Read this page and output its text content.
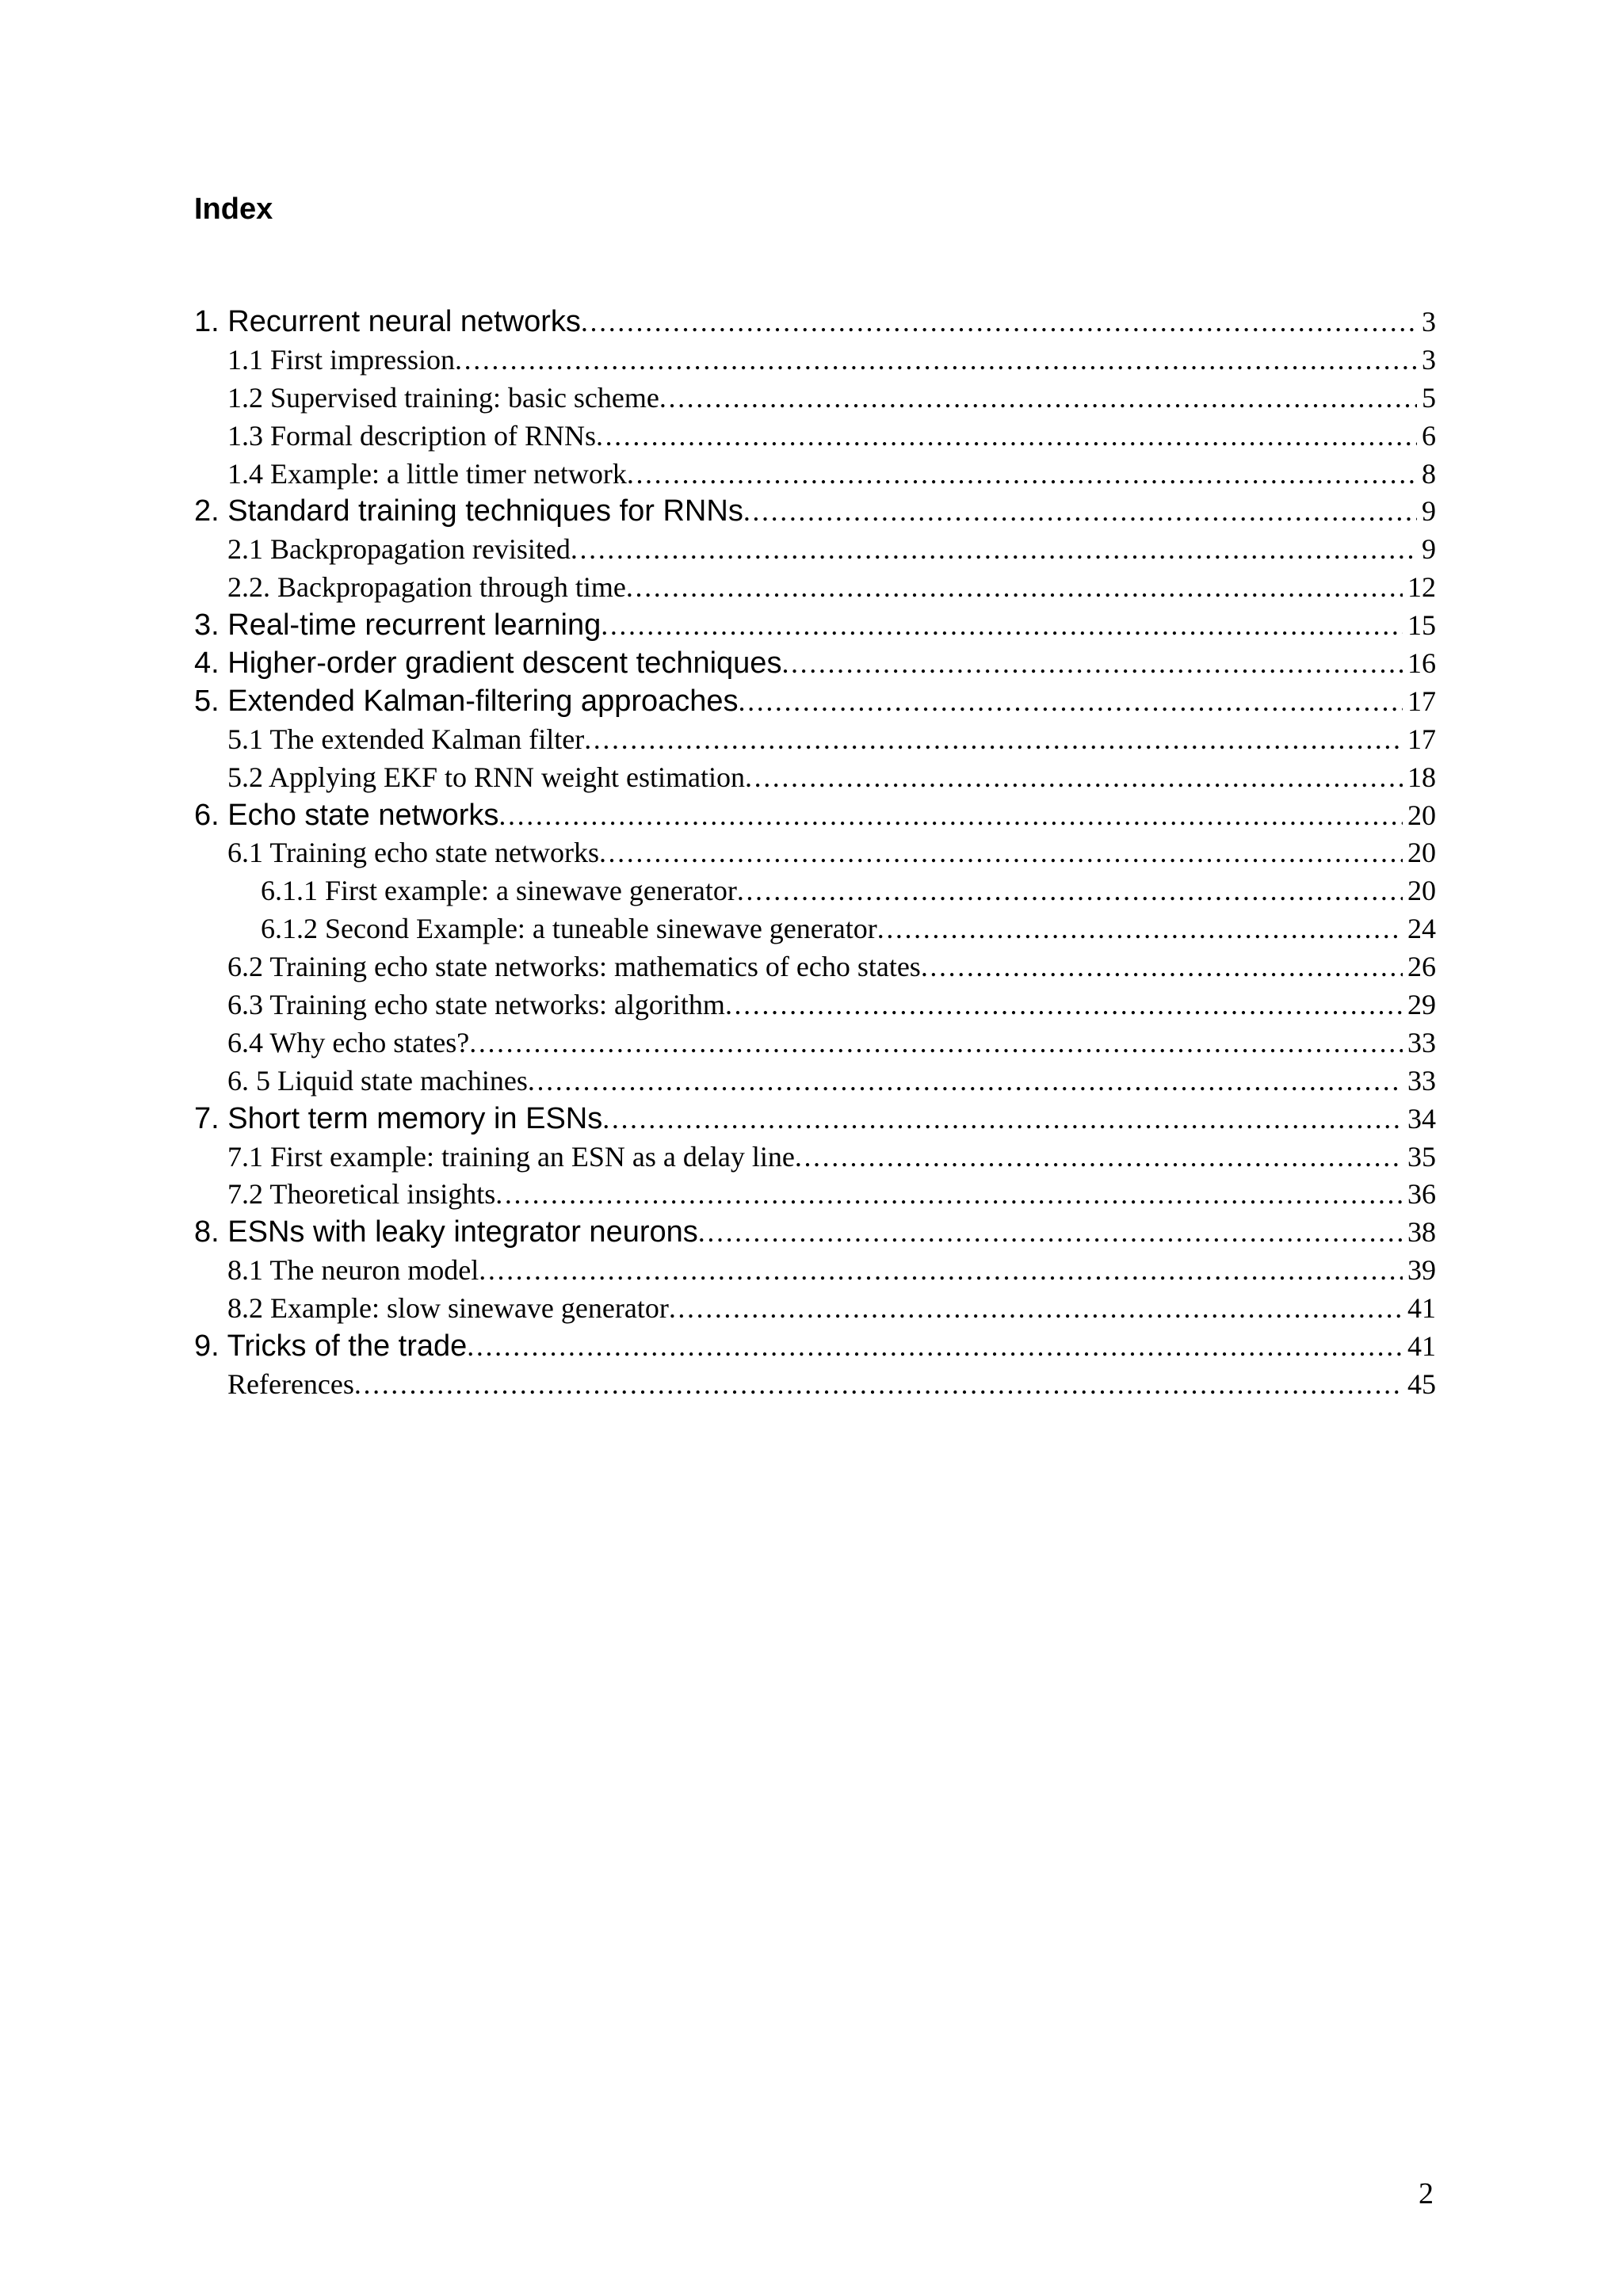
Index
1. Recurrent neural networks . . .	3
1.1 First impression . . .	3
1.2 Supervised training: basic scheme . . .	5
1.3 Formal description of RNNs . . .	6
1.4 Example: a little timer network . . .	8
2. Standard training techniques for RNNs . . .	9
2.1 Backpropagation revisited . . .	9
2.2. Backpropagation through time . . .	12
3. Real-time recurrent learning . . .	15
4. Higher-order gradient descent techniques . . .	16
5. Extended Kalman-filtering approaches . . .	17
5.1 The extended Kalman filter . . .	17
5.2 Applying EKF to RNN weight estimation . . .	18
6. Echo state networks . . .	20
6.1 Training echo state networks . . .	20
6.1.1 First example: a sinewave generator . . .	20
6.1.2 Second Example: a tuneable sinewave generator . . .	24
6.2 Training echo state networks: mathematics of echo states . . .	26
6.3 Training echo state networks: algorithm . . .	29
6.4 Why echo states? . . .	33
6. 5 Liquid state machines . . .	33
7. Short term memory in ESNs . . .	34
7.1 First example: training an ESN as a delay line . . .	35
7.2 Theoretical insights . . .	36
8. ESNs with leaky integrator neurons . . .	38
8.1 The neuron model . . .	39
8.2 Example: slow sinewave generator . . .	41
9. Tricks of the trade . . .	41
References . . .	45
2
